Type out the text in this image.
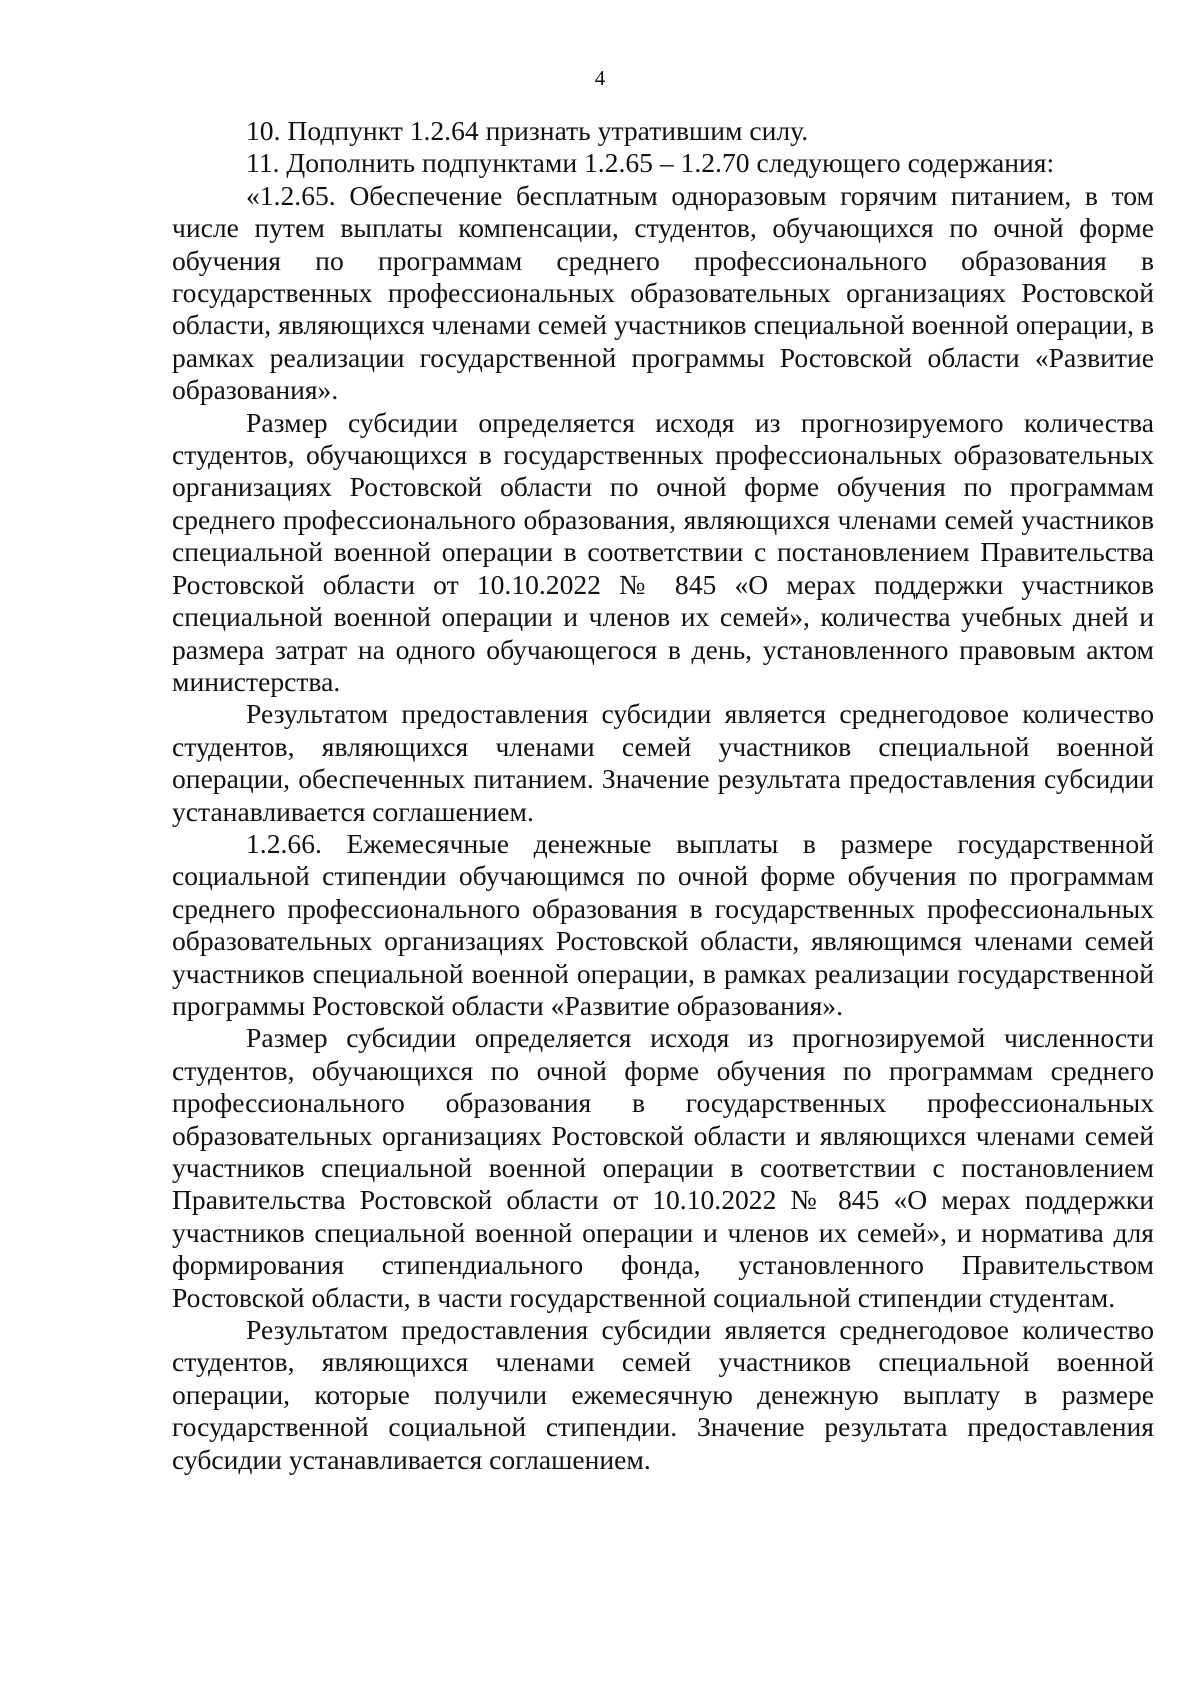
4

10. Подпункт 1.2.64 признать утратившим силу.

11. Дополнить подпунктами 1.2.65 – 1.2.70 следующего содержания:

«1.2.65. Обеспечение бесплатным одноразовым горячим питанием, в том числе путем выплаты компенсации, студентов, обучающихся по очной форме обучения по программам среднего профессионального образования в государственных профессиональных образовательных организациях Ростовской области, являющихся членами семей участников специальной военной операции, в рамках реализации государственной программы Ростовской области «Развитие образования».

Размер субсидии определяется исходя из прогнозируемого количества студентов, обучающихся в государственных профессиональных образовательных организациях Ростовской области по очной форме обучения по программам среднего профессионального образования, являющихся членами семей участников специальной военной операции в соответствии с постановлением Правительства Ростовской области от 10.10.2022 № 845 «О мерах поддержки участников специальной военной операции и членов их семей», количества учебных дней и размера затрат на одного обучающегося в день, установленного правовым актом министерства.

Результатом предоставления субсидии является среднегодовое количество студентов, являющихся членами семей участников специальной военной операции, обеспеченных питанием. Значение результата предоставления субсидии устанавливается соглашением.

1.2.66. Ежемесячные денежные выплаты в размере государственной социальной стипендии обучающимся по очной форме обучения по программам среднего профессионального образования в государственных профессиональных образовательных организациях Ростовской области, являющимся членами семей участников специальной военной операции, в рамках реализации государственной программы Ростовской области «Развитие образования».

Размер субсидии определяется исходя из прогнозируемой численности студентов, обучающихся по очной форме обучения по программам среднего профессионального образования в государственных профессиональных образовательных организациях Ростовской области и являющихся членами семей участников специальной военной операции в соответствии с постановлением Правительства Ростовской области от 10.10.2022 № 845 «О мерах поддержки участников специальной военной операции и членов их семей», и норматива для формирования стипендиального фонда, установленного Правительством Ростовской области, в части государственной социальной стипендии студентам.

Результатом предоставления субсидии является среднегодовое количество студентов, являющихся членами семей участников специальной военной операции, которые получили ежемесячную денежную выплату в размере государственной социальной стипендии. Значение результата предоставления субсидии устанавливается соглашением.
